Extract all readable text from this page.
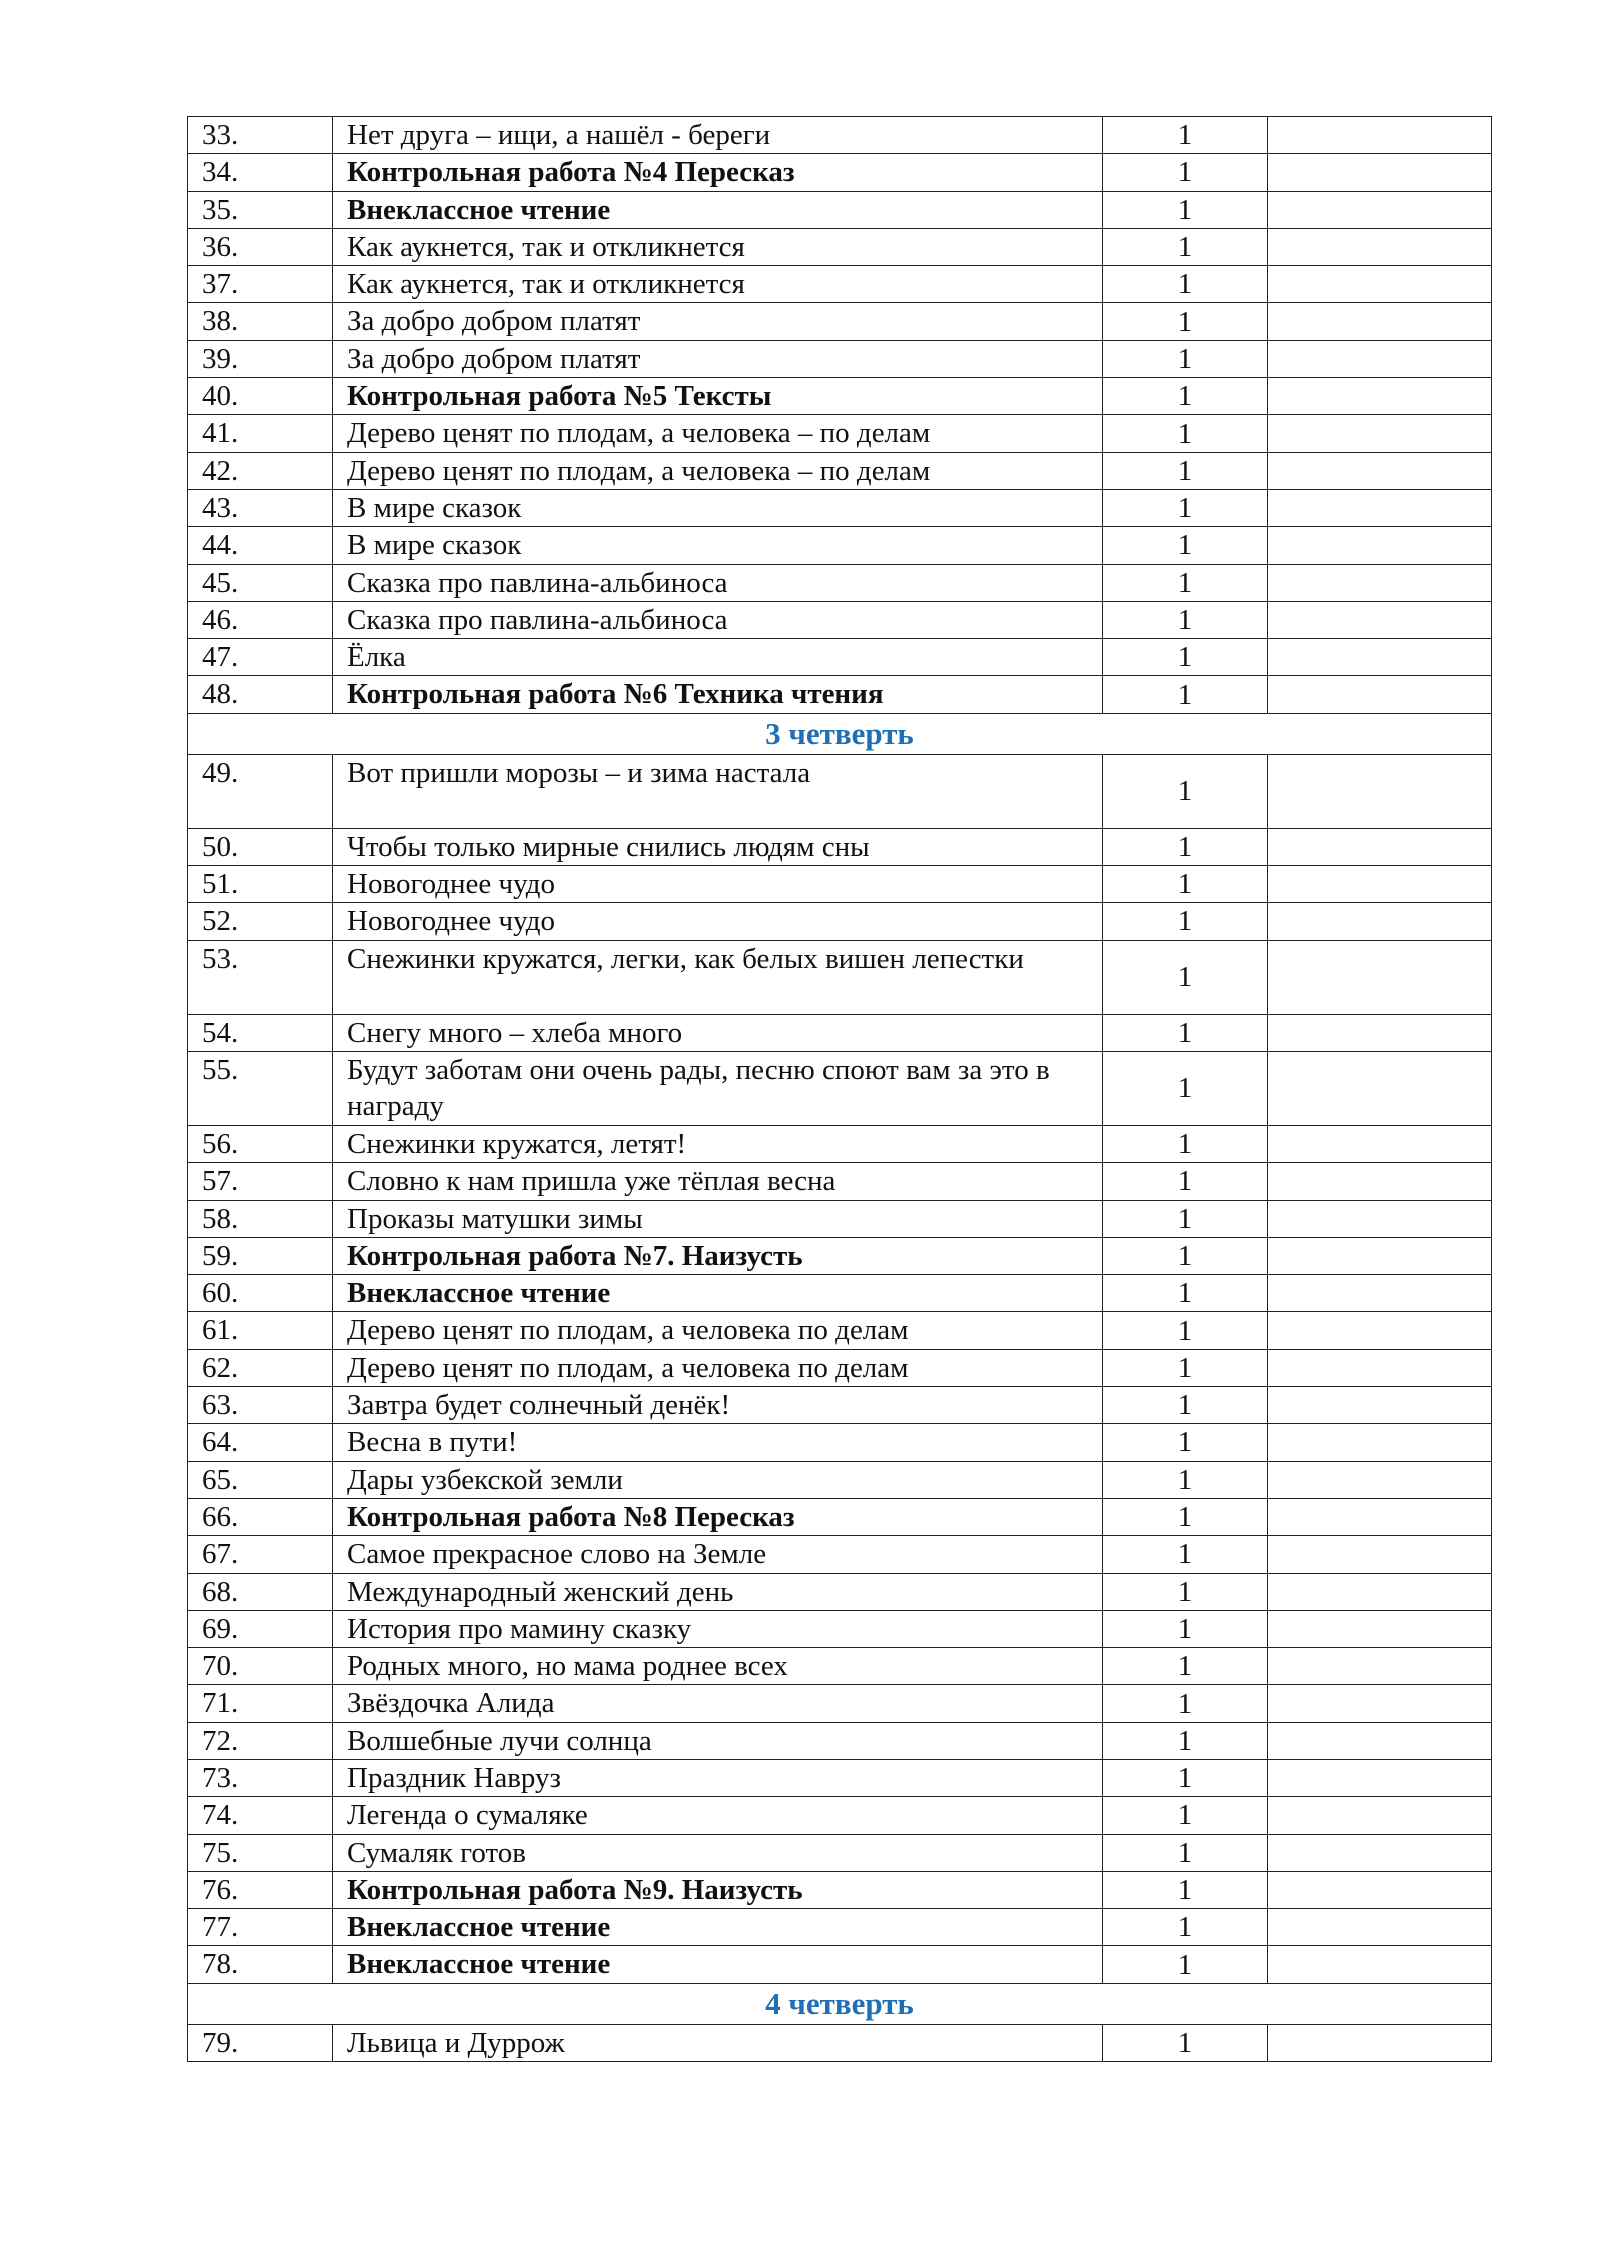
33.	Нет друга – ищи, а нашёл - береги	1	
34.	Контрольная работа №4 Пересказ	1	
35.	Внеклассное чтение	1	
36.	Как аукнется, так и откликнется	1	
37.	Как аукнется, так и откликнется	1	
38.	За добро добром платят	1	
39.	За добро добром платят	1	
40.	Контрольная работа №5 Тексты	1	
41.	Дерево ценят по плодам, а человека – по делам	1	
42.	Дерево ценят по плодам, а человека – по делам	1	
43.	В мире сказок	1	
44.	В мире сказок	1	
45.	Сказка про павлина-альбиноса	1	
46.	Сказка про павлина-альбиноса	1	
47.	Ёлка	1	
48.	Контрольная работа №6 Техника чтения	1	
3 четверть			
49.	Вот пришли морозы – и зима настала	1	
50.	Чтобы только мирные снились людям сны	1	
51.	Новогоднее чудо	1	
52.	Новогоднее чудо	1	
53.	Снежинки кружатся, легки, как белых вишен лепестки	1	
54.	Снегу много – хлеба много	1	
55.	Будут заботам они очень рады, песню споют вам за это в награду	1	
56.	Снежинки кружатся, летят!	1	
57.	Словно к нам пришла уже тёплая весна	1	
58.	Проказы матушки зимы	1	
59.	Контрольная работа №7. Наизусть	1	
60.	Внеклассное чтение	1	
61.	Дерево ценят по плодам, а человека по делам	1	
62.	Дерево ценят по плодам, а человека по делам	1	
63.	Завтра будет солнечный денёк!	1	
64.	Весна в пути!	1	
65.	Дары узбекской земли	1	
66.	Контрольная работа №8 Пересказ	1	
67.	Самое прекрасное слово на Земле	1	
68.	Международный женский день	1	
69.	История про мамину сказку	1	
70.	Родных много, но мама роднее всех	1	
71.	Звёздочка Алида	1	
72.	Волшебные лучи солнца	1	
73.	Праздник Навруз	1	
74.	Легенда о сумаляке	1	
75.	Сумаляк готов	1	
76.	Контрольная работа №9. Наизусть	1	
77.	Внеклассное чтение	1	
78.	Внеклассное чтение	1	
4 четверть			
79.	Львица и Дуррож	1	
